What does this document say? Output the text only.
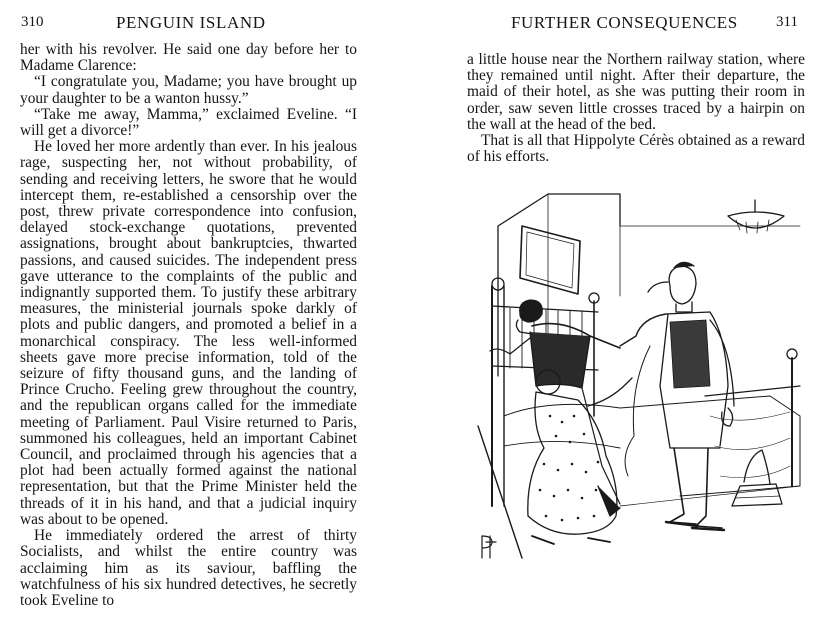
310	PENGUIN ISLAND

her with his revolver. He said one day before her to Madame Clarence:

“I congratulate you, Madame; you have brought up your daughter to be a wanton hussy.”

“Take me away, Mamma,” exclaimed Eveline. “I will get a divorce!”

He loved her more ardently than ever. In his jealous rage, suspecting her, not without probability, of sending and receiving letters, he swore that he would intercept them, re-established a censorship over the post, threw private correspondence into confusion, delayed stock-exchange quotations, prevented assignations, brought about bankruptcies, thwarted passions, and caused suicides. The independent press gave utterance to the complaints of the public and indignantly supported them. To justify these arbitrary measures, the ministerial journals spoke darkly of plots and public dangers, and promoted a belief in a monarchical conspiracy. The less well-informed sheets gave more precise information, told of the seizure of fifty thousand guns, and the landing of Prince Crucho. Feeling grew throughout the country, and the republican organs called for the immediate meeting of Parliament. Paul Visire returned to Paris, summoned his colleagues, held an important Cabinet Council, and proclaimed through his agencies that a plot had been actually formed against the national representation, but that the Prime Minister held the threads of it in his hand, and that a judicial inquiry was about to be opened.

He immediately ordered the arrest of thirty Socialists, and whilst the entire country was acclaiming him as its saviour, baffling the watchfulness of his six hundred detectives, he secretly took Eveline to

FURTHER CONSEQUENCES	311

a little house near the Northern railway station, where they remained until night. After their departure, the maid of their hotel, as she was putting their room in order, saw seven little crosses traced by a hairpin on the wall at the head of the bed.

That is all that Hippolyte Cérès obtained as a reward of his efforts.
